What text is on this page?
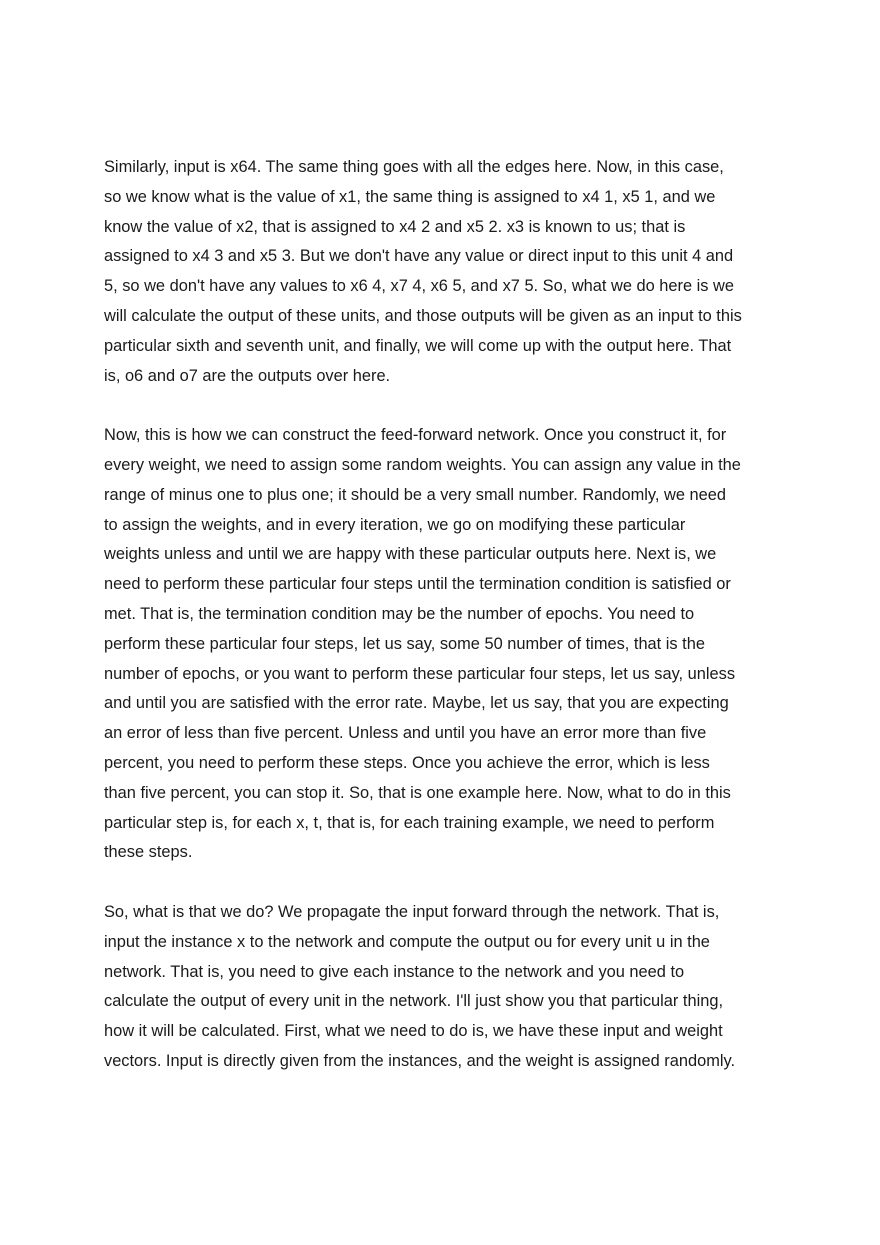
Similarly, input is x64. The same thing goes with all the edges here. Now, in this case,
so we know what is the value of x1, the same thing is assigned to x4 1, x5 1, and we
know the value of x2, that is assigned to x4 2 and x5 2. x3 is known to us; that is
assigned to x4 3 and x5 3. But we don't have any value or direct input to this unit 4 and
5, so we don't have any values to x6 4, x7 4, x6 5, and x7 5. So, what we do here is we
will calculate the output of these units, and those outputs will be given as an input to this
particular sixth and seventh unit, and finally, we will come up with the output here. That
is, o6 and o7 are the outputs over here.

Now, this is how we can construct the feed-forward network. Once you construct it, for
every weight, we need to assign some random weights. You can assign any value in the
range of minus one to plus one; it should be a very small number. Randomly, we need
to assign the weights, and in every iteration, we go on modifying these particular
weights unless and until we are happy with these particular outputs here. Next is, we
need to perform these particular four steps until the termination condition is satisfied or
met. That is, the termination condition may be the number of epochs. You need to
perform these particular four steps, let us say, some 50 number of times, that is the
number of epochs, or you want to perform these particular four steps, let us say, unless
and until you are satisfied with the error rate. Maybe, let us say, that you are expecting
an error of less than five percent. Unless and until you have an error more than five
percent, you need to perform these steps. Once you achieve the error, which is less
than five percent, you can stop it. So, that is one example here. Now, what to do in this
particular step is, for each x, t, that is, for each training example, we need to perform
these steps.

So, what is that we do? We propagate the input forward through the network. That is,
input the instance x to the network and compute the output ou for every unit u in the
network. That is, you need to give each instance to the network and you need to
calculate the output of every unit in the network. I'll just show you that particular thing,
how it will be calculated. First, what we need to do is, we have these input and weight
vectors. Input is directly given from the instances, and the weight is assigned randomly.
